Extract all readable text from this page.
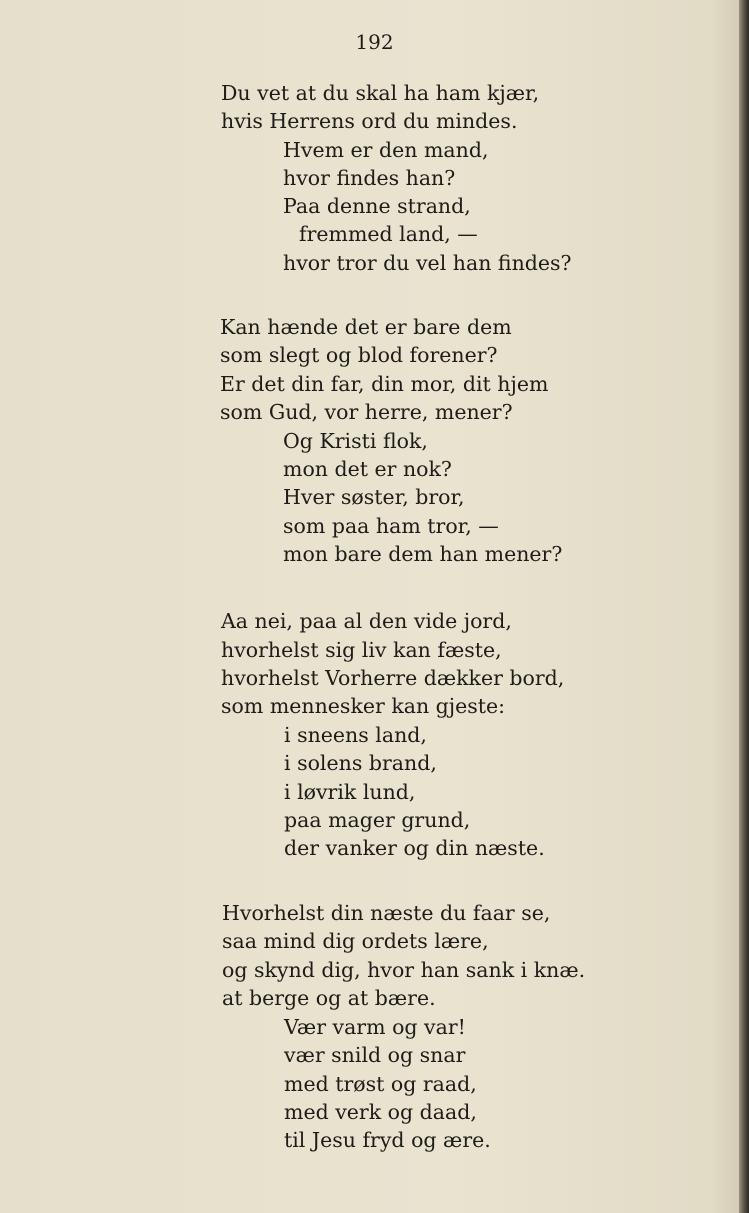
192
Du vet at du skal ha ham kjær,
hvis Herrens ord du mindes.
Hvem er den mand,
hvor findes han?
Paa denne strand,
fremmed land, —
hvor tror du vel han findes?
Kan hænde det er bare dem
som slegt og blod forener?
Er det din far, din mor, dit hjem
som Gud, vor herre, mener?
Og Kristi flok,
mon det er nok?
Hver søster, bror,
som paa ham tror, —
mon bare dem han mener?
Aa nei, paa al den vide jord,
hvorhelst sig liv kan fæste,
hvorhelst Vorherre dækker bord,
som mennesker kan gjeste:
i sneens land,
i solens brand,
i løvrik lund,
paa mager grund,
der vanker og din næste.
Hvorhelst din næste du faar se,
saa mind dig ordets lære,
og skynd dig, hvor han sank i knæ.
at berge og at bære.
Vær varm og var!
vær snild og snar
med trøst og raad,
med verk og daad,
til Jesu fryd og ære.
